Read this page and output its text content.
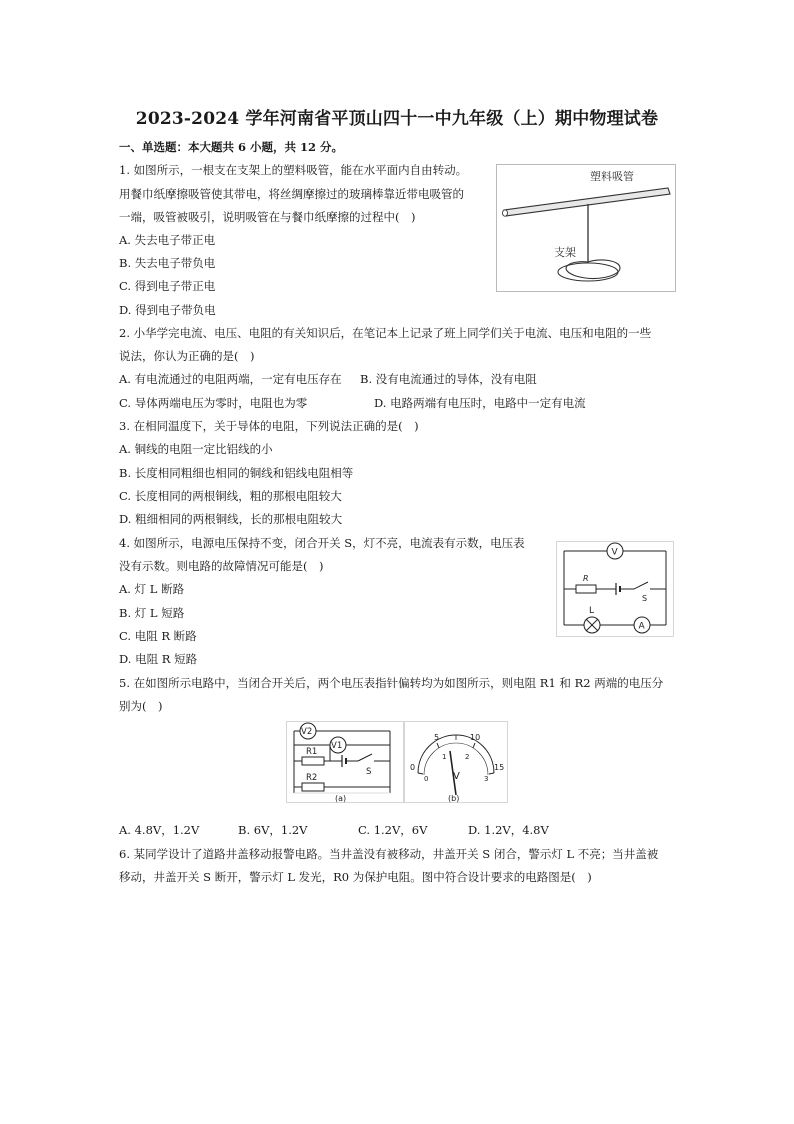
2023-2024 学年河南省平顶山四十一中九年级（上）期中物理试卷
一、单选题：本大题共 6 小题，共 12 分。
1. 如图所示，一根支在支架上的塑料吸管，能在水平面内自由转动。
用餐巾纸摩擦吸管使其带电，将丝绸摩擦过的玻璃棒靠近带电吸管的
一端，吸管被吸引，说明吸管在与餐巾纸摩擦的过程中(　)
A. 失去电子带正电
B. 失去电子带负电
C. 得到电子带正电
D. 得到电子带负电
塑料吸管
支架
2. 小华学完电流、电压、电阻的有关知识后，在笔记本上记录了班上同学们关于电流、电压和电阻的一些
说法，你认为正确的是(　)
A. 有电流通过的电阻两端，一定有电压存在 B. 没有电流通过的导体，没有电阻
C. 导体两端电压为零时，电阻也为零	D. 电路两端有电压时，电路中一定有电流
3. 在相同温度下，关于导体的电阻，下列说法正确的是(　)
A. 铜线的电阻一定比铝线的小
B. 长度相同粗细也相同的铜线和铝线电阻相等
C. 长度相同的两根铜线，粗的那根电阻较大
D. 粗细相同的两根铜线，长的那根电阻较大
4. 如图所示，电源电压保持不变，闭合开关 S，灯不亮，电流表有示数，电压表
没有示数。则电路的故障情况可能是(　)
A. 灯 L 断路
B. 灯 L 短路
C. 电阻 R 断路
D. 电阻 R 短路
V
A
R
L
S
5. 在如图所示电路中，当闭合开关后，两个电压表指针偏转均为如图所示，则电阻 R1 和 R2 两端的电压分
别为(　)
V2
V1
R1
R2
S
(a)
0
5	10
15
0
1	2
3
V
(b)
A. 4.8V，1.2V	B. 6V，1.2V	C. 1.2V，6V	D. 1.2V，4.8V
6. 某同学设计了道路井盖移动报警电路。当井盖没有被移动，井盖开关 S 闭合，警示灯 L 不亮；当井盖被
移动，井盖开关 S 断开，警示灯 L 发光，R0 为保护电阻。图中符合设计要求的电路图是(　)
